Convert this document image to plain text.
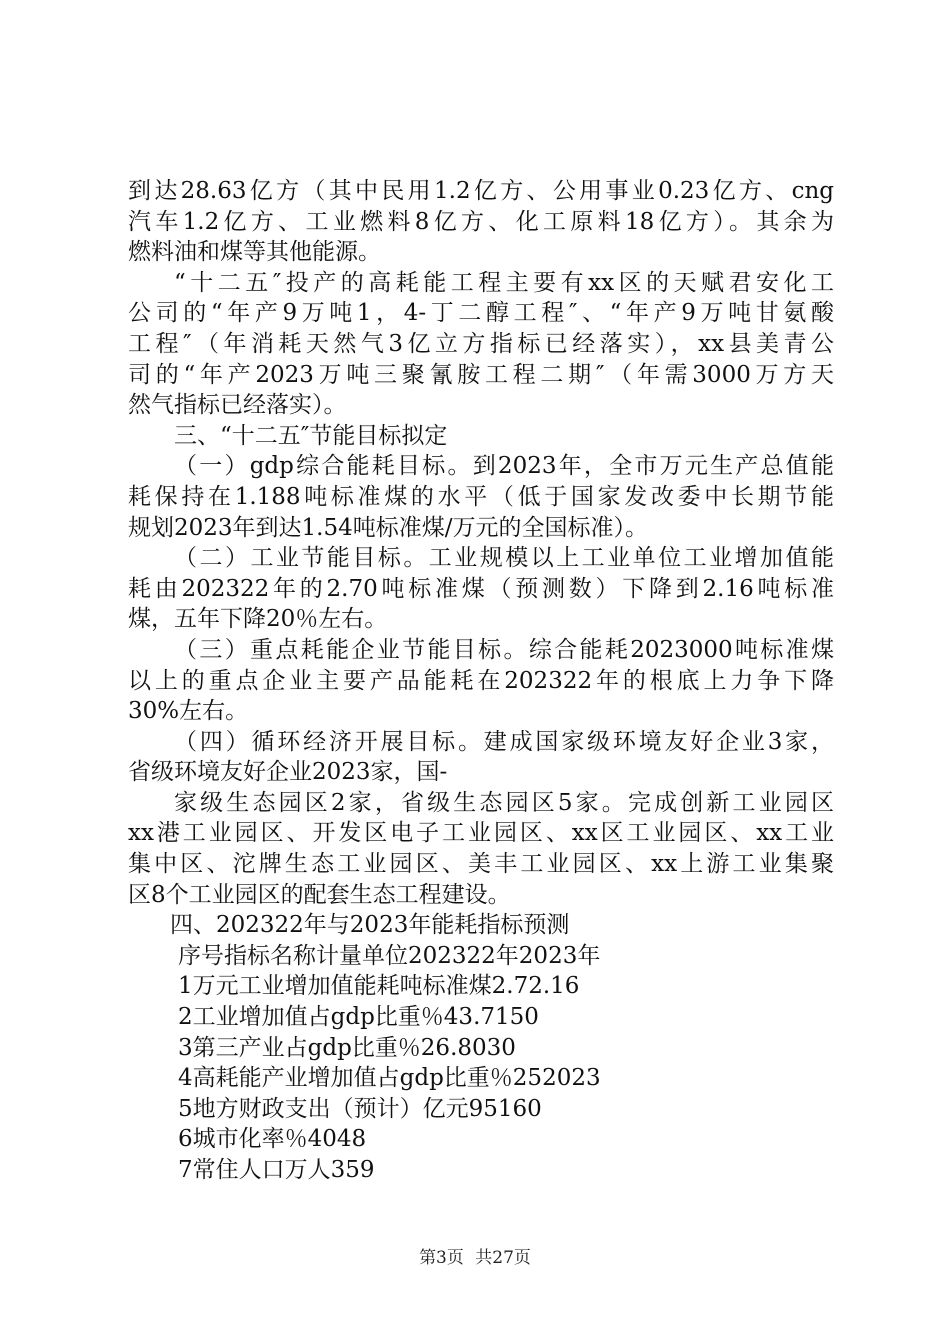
到达28.63亿方（其中民用1.2亿方、公用事业0.23亿方、cng
汽车1.2亿方、工业燃料8亿方、化工原料18亿方）。其余为
燃料油和煤等其他能源。
“十二五″投产的高耗能工程主要有xx区的天赋君安化工
公司的“年产9万吨1，4-丁二醇工程″、“年产9万吨甘氨酸
工程″（年消耗天然气3亿立方指标已经落实），xx县美青公
司的“年产2023万吨三聚氰胺工程二期″（年需3000万方天
然气指标已经落实）。
三、“十二五″节能目标拟定
（一）gdp综合能耗目标。到2023年，全市万元生产总值能
耗保持在1.188吨标准煤的水平（低于国家发改委中长期节能
规划2023年到达1.54吨标准煤/万元的全国标准）。
（二）工业节能目标。工业规模以上工业单位工业增加值能
耗由202322年的2.70吨标准煤（预测数）下降到2.16吨标准
煤，五年下降20％左右。
（三）重点耗能企业节能目标。综合能耗2023000吨标准煤
以上的重点企业主要产品能耗在202322年的根底上力争下降
30%左右。
（四）循环经济开展目标。建成国家级环境友好企业3家，
省级环境友好企业2023家，国-
家级生态园区2家，省级生态园区5家。完成创新工业园区
xx港工业园区、开发区电子工业园区、xx区工业园区、xx工业
集中区、沱牌生态工业园区、美丰工业园区、xx上游工业集聚
区8个工业园区的配套生态工程建设。
四、202322年与2023年能耗指标预测
序号指标名称计量单位202322年2023年
1万元工业增加值能耗吨标准煤2.72.16
2工业增加值占gdp比重％43.7150
3第三产业占gdp比重％26.8030
4高耗能产业增加值占gdp比重％252023
5地方财政支出（预计）亿元95160
6城市化率％4048
7常住人口万人359
第3页 共27页
